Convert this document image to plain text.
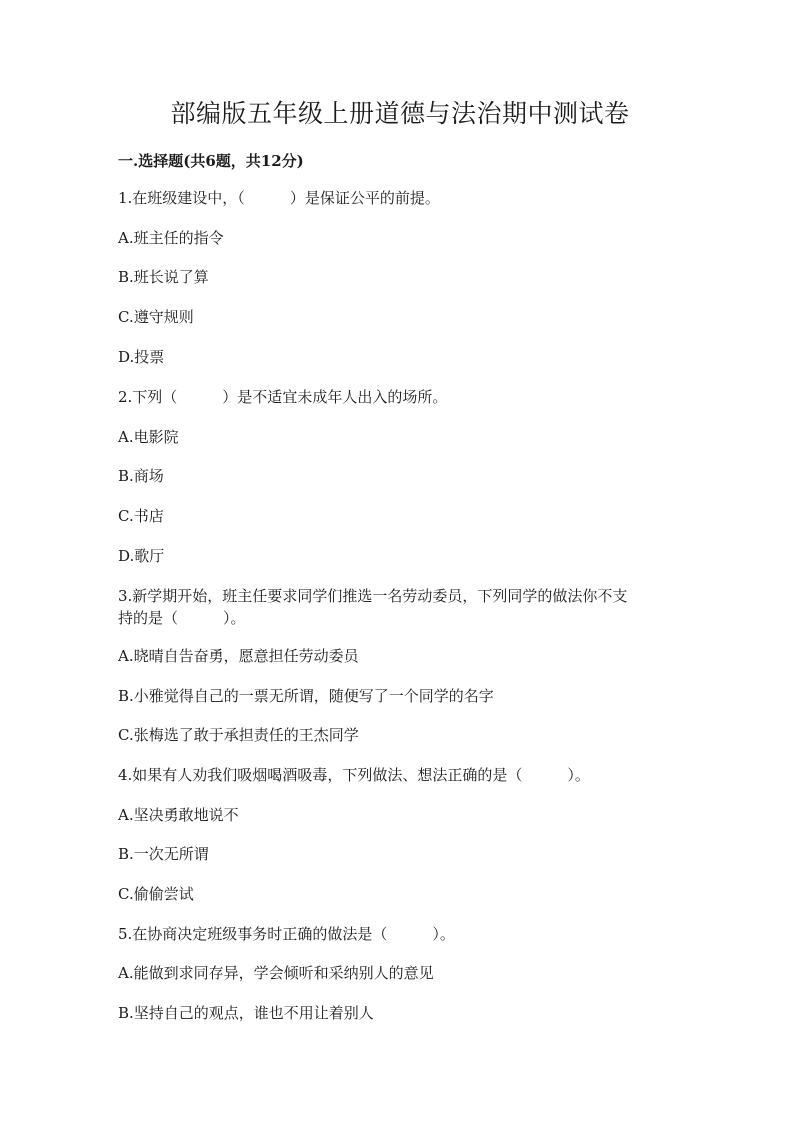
部编版五年级上册道德与法治期中测试卷
一.选择题(共6题，共12分)
1.在班级建设中，（　　　）是保证公平的前提。
A.班主任的指令
B.班长说了算
C.遵守规则
D.投票
2.下列（　　　）是不适宜未成年人出入的场所。
A.电影院
B.商场
C.书店
D.歌厅
3.新学期开始，班主任要求同学们推选一名劳动委员，下列同学的做法你不支
持的是（　　　）。
A.晓晴自告奋勇，愿意担任劳动委员
B.小雅觉得自己的一票无所谓，随便写了一个同学的名字
C.张梅选了敢于承担责任的王杰同学
4.如果有人劝我们吸烟喝酒吸毒，下列做法、想法正确的是（　　　）。
A.坚决勇敢地说不
B.一次无所谓
C.偷偷尝试
5.在协商决定班级事务时正确的做法是（　　　）。
A.能做到求同存异，学会倾听和采纳别人的意见
B.坚持自己的观点，谁也不用让着别人
